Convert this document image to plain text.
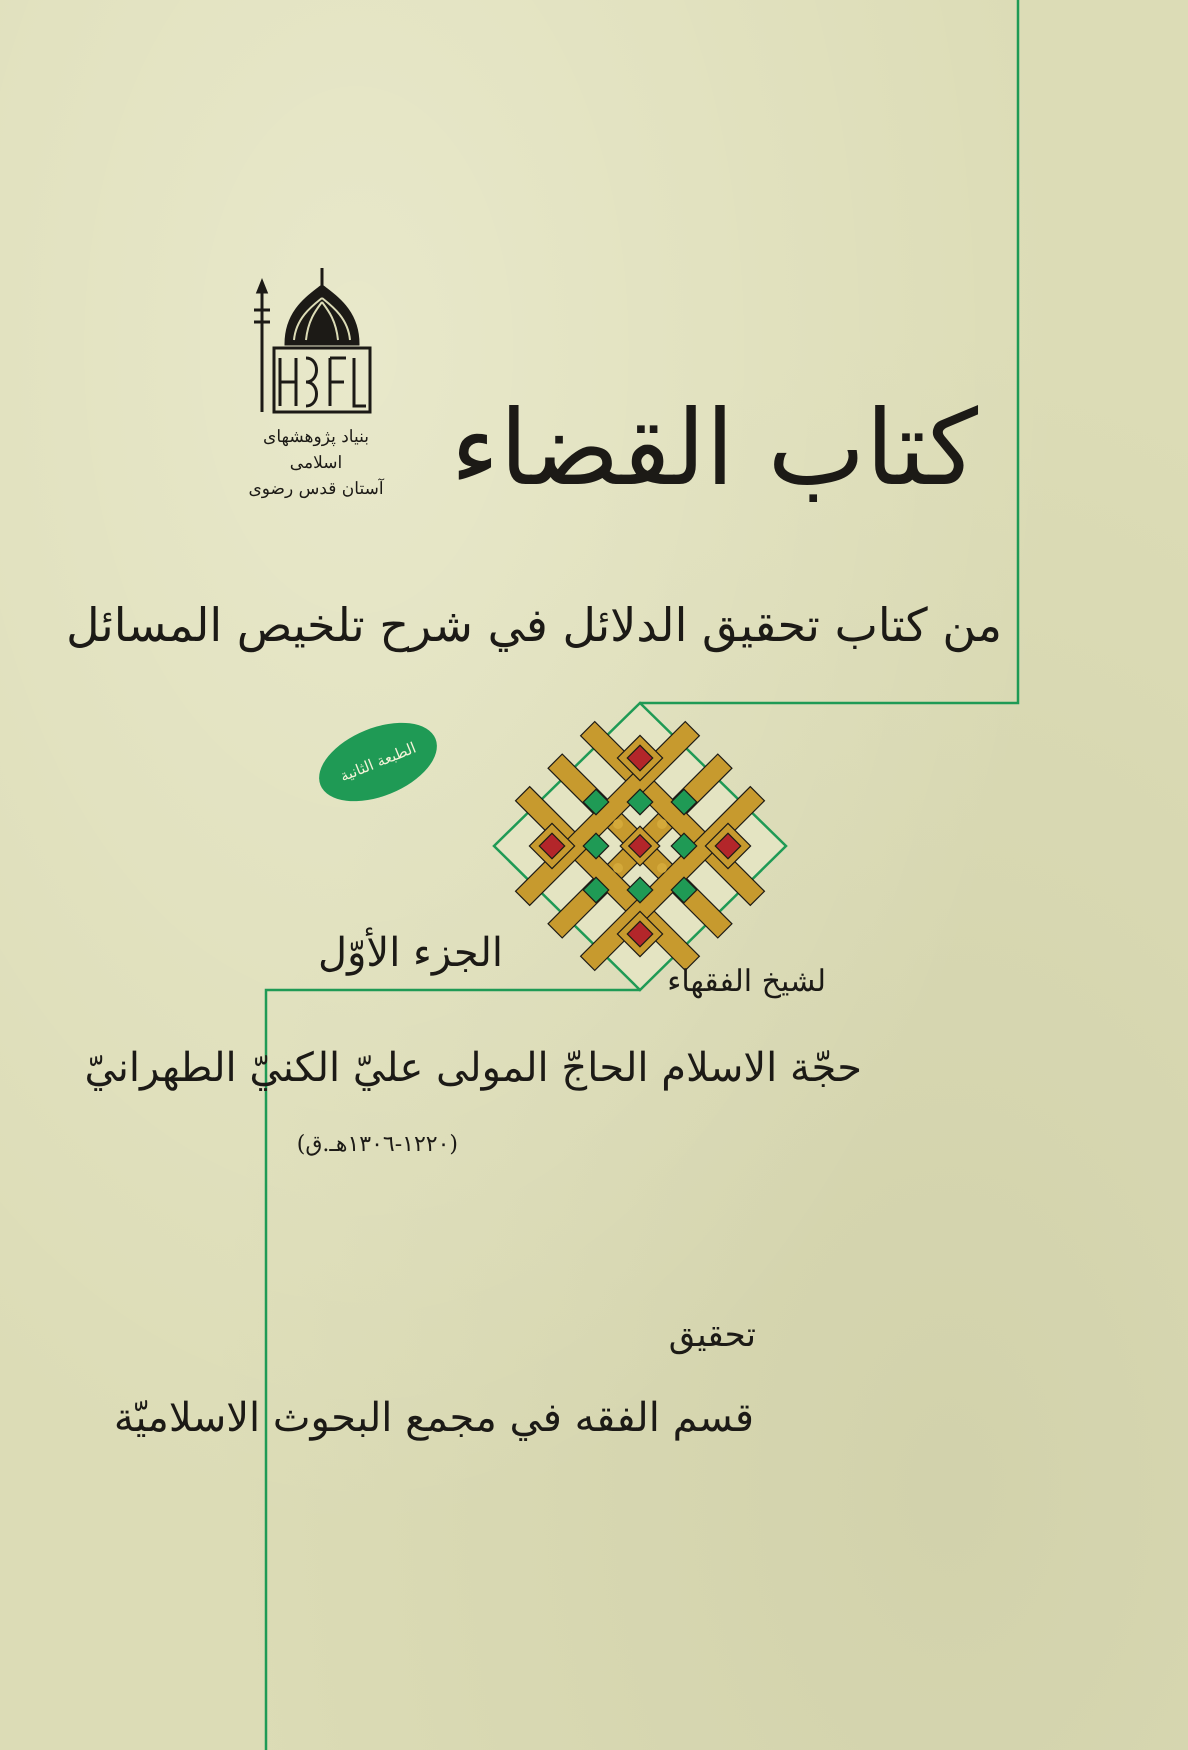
بنیاد پژوهشهای اسلامی
آستان قدس رضوی كتاب القضاء
من كتاب تحقيق الدلائل في شرح تلخيص المسائل
الطبعة الثانية
الجزء الأوّل
لشيخ الفقهاء
حجّة الاسلام الحاجّ المولى عليّ الكنيّ الطهرانيّ
(١٢٢٠-١٣٠٦هـ.ق)
تحقيق
قسم الفقه في مجمع البحوث الاسلاميّة
